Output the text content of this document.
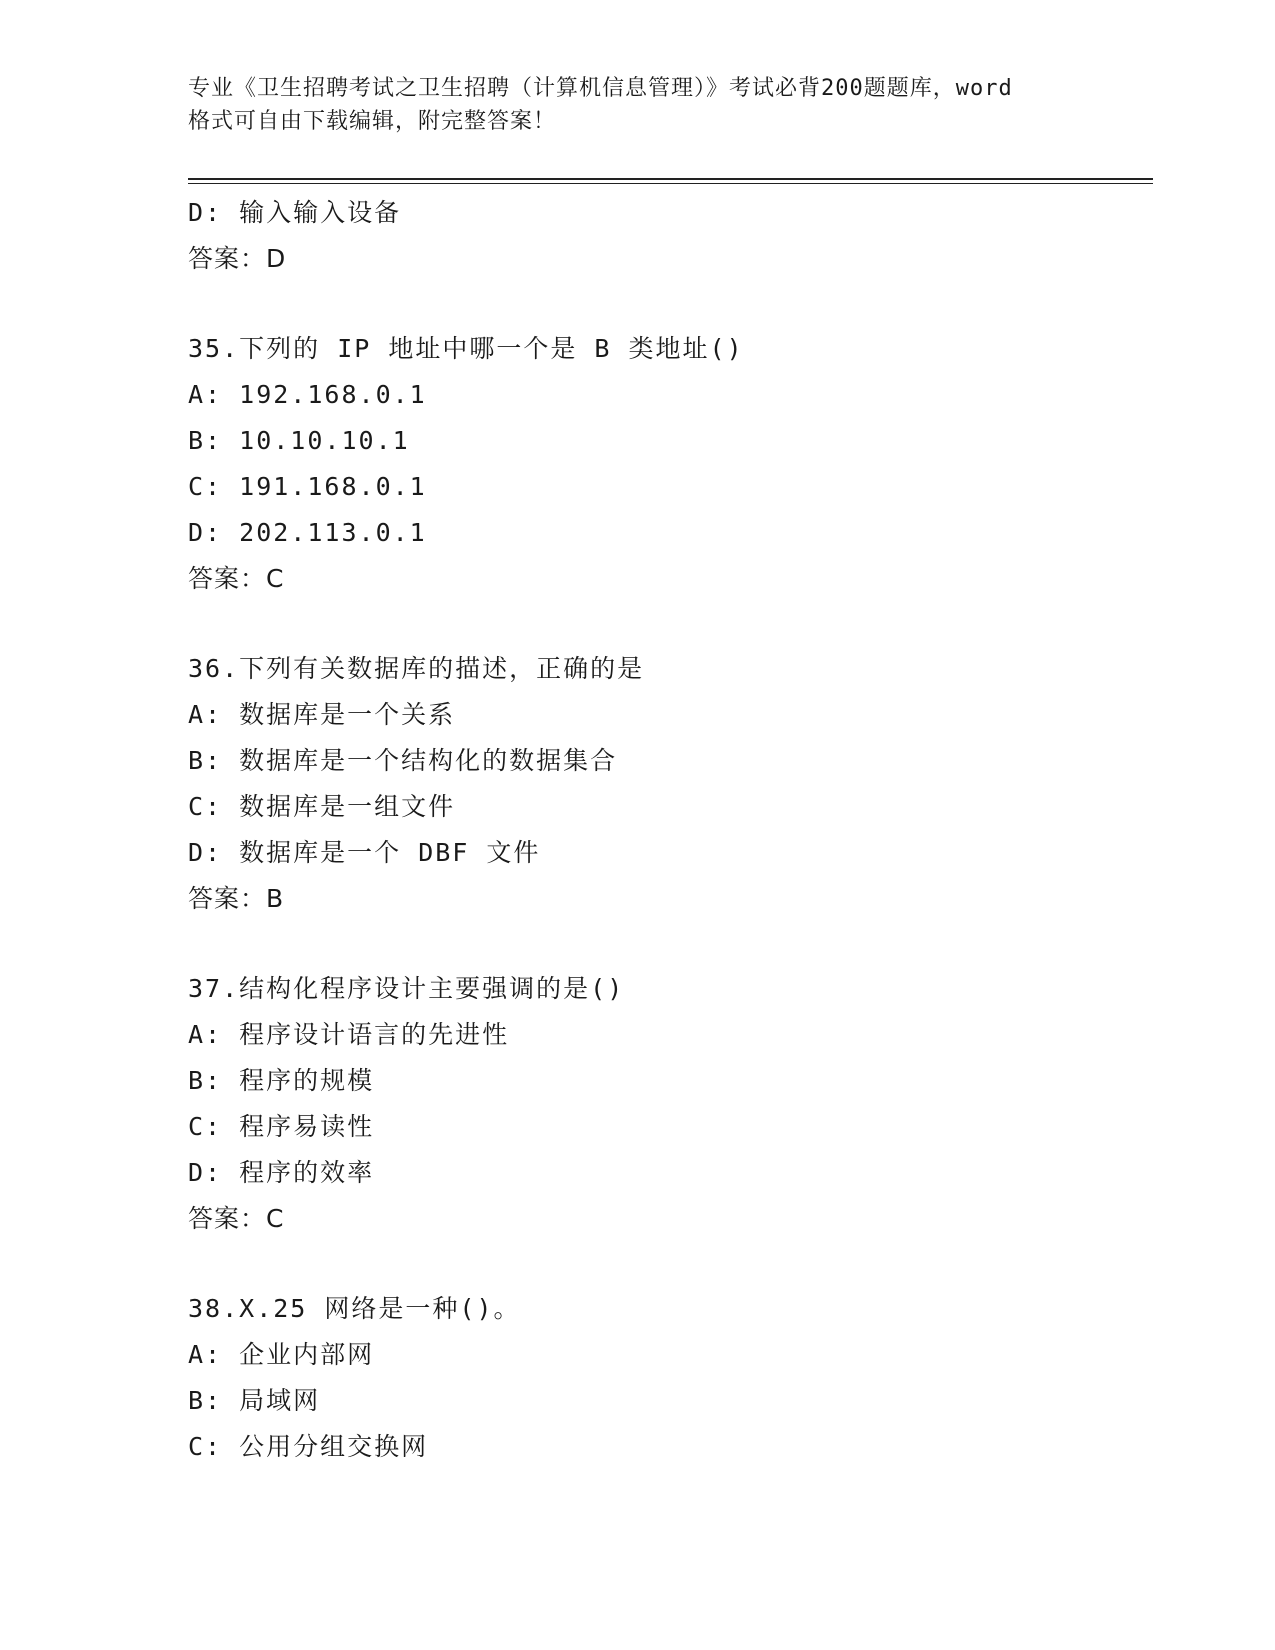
专业《卫生招聘考试之卫生招聘（计算机信息管理）》考试必背200题题库，word
格式可自由下载编辑，附完整答案！
D: 输入输入设备
答案：D
35.下列的 IP 地址中哪一个是 B 类地址()
A: 192.168.0.1
B: 10.10.10.1
C: 191.168.0.1
D: 202.113.0.1
答案：C
36.下列有关数据库的描述，正确的是
A: 数据库是一个关系
B: 数据库是一个结构化的数据集合
C: 数据库是一组文件
D: 数据库是一个 DBF 文件
答案：B
37.结构化程序设计主要强调的是()
A: 程序设计语言的先进性
B: 程序的规模
C: 程序易读性
D: 程序的效率
答案：C
38.X.25 网络是一种()。
A: 企业内部网
B: 局域网
C: 公用分组交换网
